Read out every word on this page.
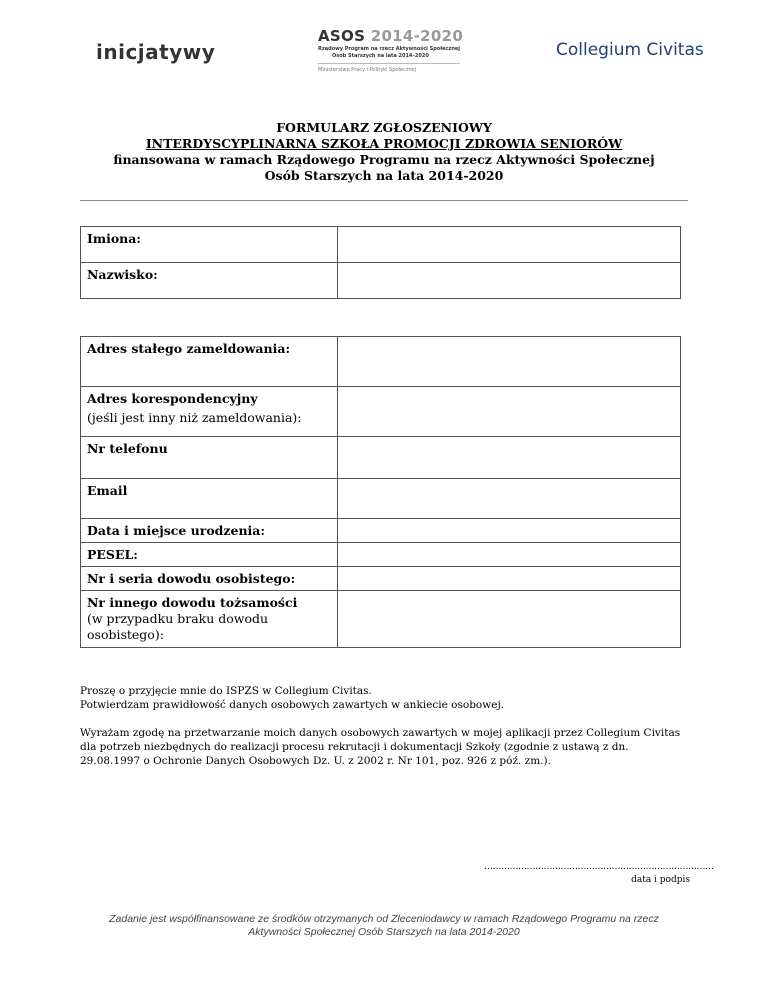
inicjatywy
ASOS 2014-2020
Rządowy Program na rzecz Aktywności Społecznej
Osób Starszych na lata 2014–2020
Ministerstwo Pracy i Polityki Społecznej
Collegium Civitas
FORMULARZ ZGŁOSZENIOWY
INTERDYSCYPLINARNA SZKOŁA PROMOCJI ZDROWIA SENIORÓW
finansowana w ramach Rządowego Programu na rzecz Aktywności Społecznej
Osób Starszych na lata 2014-2020
Imiona:	
Nazwisko:	
Adres stałego zameldowania:	
Adres korespondencyjny
(jeśli jest inny niż zameldowania):	

Nr telefonu	
Email	
Data i miejsce urodzenia:	
PESEL:	
Nr i seria dowodu osobistego:	
Nr innego dowodu tożsamości
(w przypadku braku dowodu osobistego):	

Proszę o przyjęcie mnie do ISPZS w Collegium Civitas.
Potwierdzam prawidłowość danych osobowych zawartych w ankiecie osobowej.
Wyrażam zgodę na przetwarzanie moich danych osobowych zawartych w mojej aplikacji przez Collegium Civitas dla potrzeb niezbędnych do realizacji procesu rekrutacji i dokumentacji Szkoły (zgodnie z ustawą z dn. 29.08.1997 o Ochronie Danych Osobowych Dz. U. z 2002 r. Nr 101, poz. 926 z póź. zm.).
………………………………………………………………………
data i podpis
Zadanie jest współfinansowane ze środków otrzymanych od Zleceniodawcy w ramach Rządowego Programu na rzecz
Aktywności Społecznej Osób Starszych na lata 2014-2020
